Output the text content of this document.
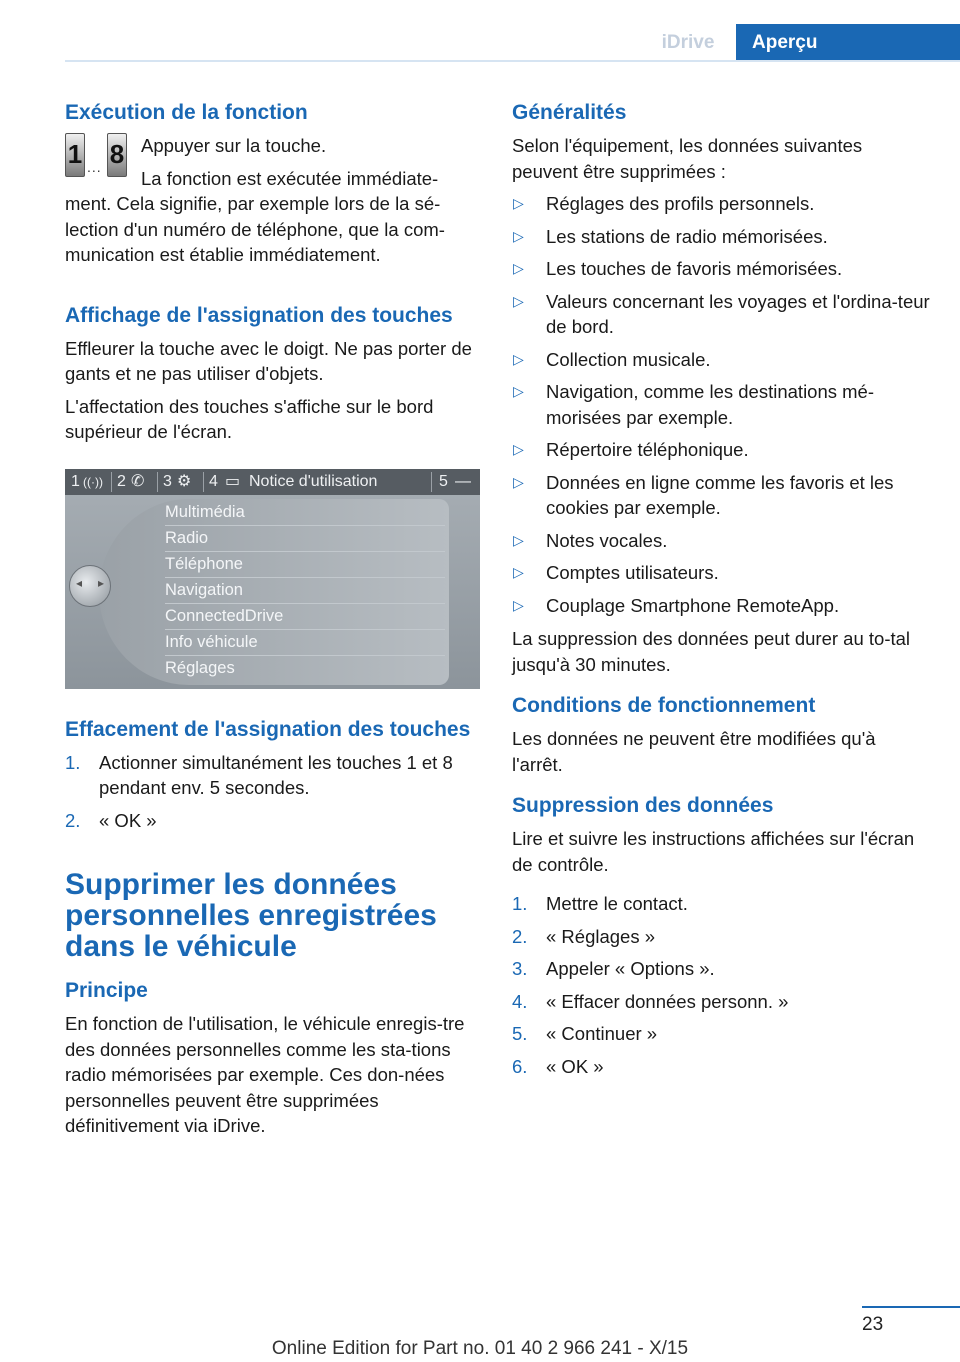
iDrive	Aperçu
Exécution de la fonction
1 ... 8 Appuyer sur la touche.

La fonction est exécutée immédiate-ment. Cela signifie, par exemple lors de la sé-lection d'un numéro de téléphone, que la com-munication est établie immédiatement.

Affichage de l'assignation des touches

Effleurer la touche avec le doigt. Ne pas porter de gants et ne pas utiliser d'objets.

L'affectation des touches s'affiche sur le bord supérieur de l'écran.

1 ((·)) 2 ✆ 3 ⚙ 4 ▭ Notice d'utilisation	5 —
Multimédia
Radio
Téléphone
Navigation
ConnectedDrive
Info véhicule
Réglages
◂ ▸
Effacement de l'assignation des touches
1. Actionner simultanément les touches 1 et 8 pendant env. 5 secondes.
2. « OK »
Supprimer les données personnelles enregistrées dans le véhicule
Principe

En fonction de l'utilisation, le véhicule enregis-tre des données personnelles comme les sta-tions radio mémorisées par exemple. Ces don-nées personnelles peuvent être supprimées définitivement via iDrive.

Généralités

Selon l'équipement, les données suivantes peuvent être supprimées :

▷ Réglages des profils personnels.
▷ Les stations de radio mémorisées.
▷ Les touches de favoris mémorisées.
▷ Valeurs concernant les voyages et l'ordina-teur de bord.
▷ Collection musicale.
▷ Navigation, comme les destinations mé-morisées par exemple.
▷ Répertoire téléphonique.
▷ Données en ligne comme les favoris et les cookies par exemple.
▷ Notes vocales.
▷ Comptes utilisateurs.
▷ Couplage Smartphone RemoteApp.

La suppression des données peut durer au to-tal jusqu'à 30 minutes.

Conditions de fonctionnement

Les données ne peuvent être modifiées qu'à l'arrêt.

Suppression des données

Lire et suivre les instructions affichées sur l'écran de contrôle.

1. Mettre le contact.
2. « Réglages »
3. Appeler « Options ».
4. « Effacer données personn. »
5. « Continuer »
6. « OK »
23
Online Edition for Part no. 01 40 2 966 241 - X/15
